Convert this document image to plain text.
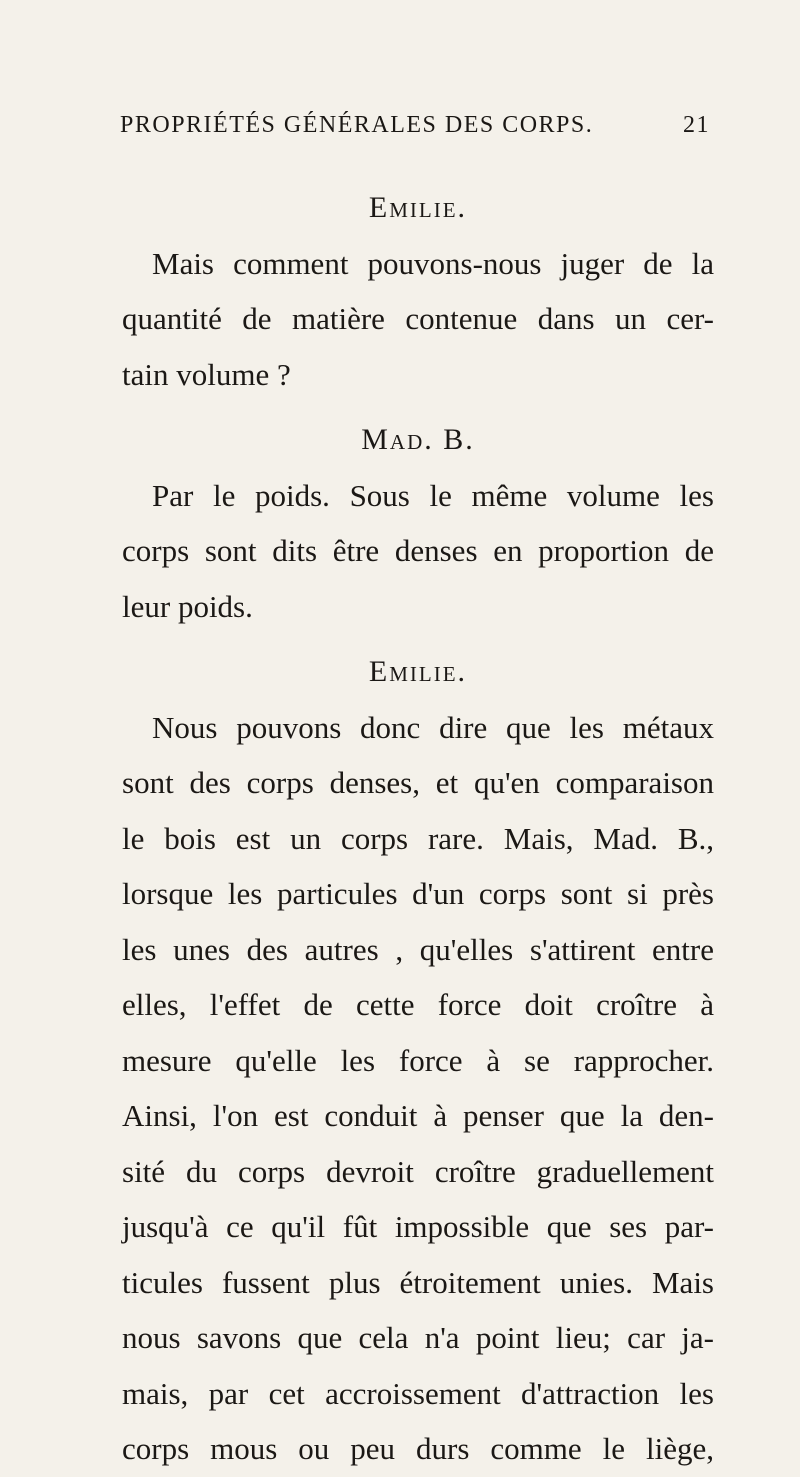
PROPRIÉTÉS GÉNÉRALES DES CORPS.	21

Emilie.

Mais comment pouvons-nous juger de la
quantité de matière contenue dans un cer-
tain volume ?

Mad. B.

Par le poids. Sous le même volume les
corps sont dits être denses en proportion de
leur poids.

Emilie.

Nous pouvons donc dire que les métaux
sont des corps denses, et qu'en comparaison
le bois est un corps rare. Mais, Mad. B.,
lorsque les particules d'un corps sont si près
les unes des autres , qu'elles s'attirent entre
elles, l'effet de cette force doit croître à
mesure qu'elle les force à se rapprocher.
Ainsi, l'on est conduit à penser que la den-
sité du corps devroit croître graduellement
jusqu'à ce qu'il fût impossible que ses par-
ticules fussent plus étroitement unies. Mais
nous savons que cela n'a point lieu; car ja-
mais, par cet accroissement d'attraction les
corps mous ou peu durs comme le liège,
